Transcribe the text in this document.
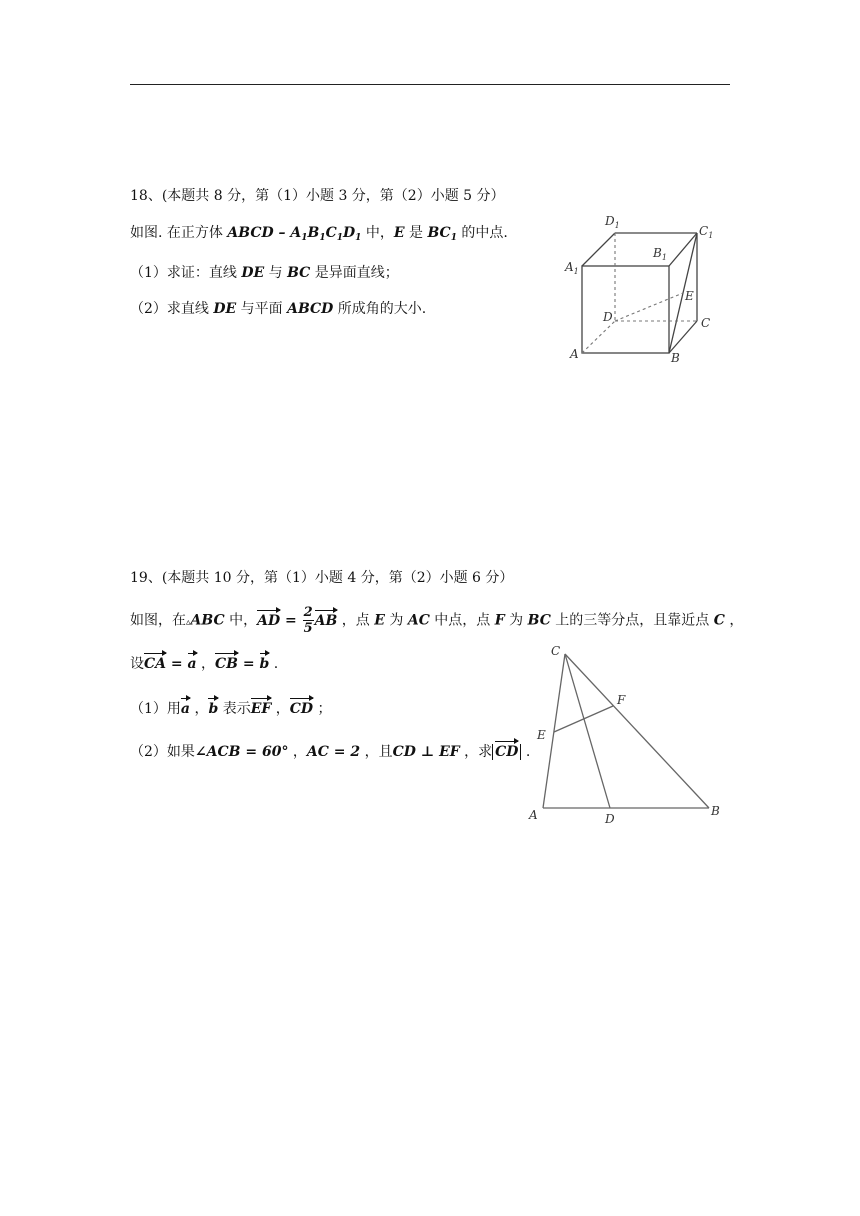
18、(本题共 8 分，第（1）小题 3 分，第（2）小题 5 分）
如图. 在正方体 ABCD – $A_1B_1C_1D_1$ 中，E 是 $BC_1$ 的中点.
（1）求证：直线 DE 与 BC 是异面直线；
（2）求直线 DE 与平面 ABCD 所成角的大小.
$A_1$
$D_1$	$C_1$
$B_1$
E
D	C
A	B
19、(本题共 10 分，第（1）小题 4 分，第（2）小题 6 分）
如图，在▵ABC 中，AD = $\frac{2}{5}$ AB ，点 E 为 AC 中点，点 F 为 BC 上的三等分点，且靠近点 C ，
设CA = a ，CB = b .
（1）用a ，b 表示EF ，CD ；
（2）如果∠ACB = 60° ，AC = 2 ，且CD ⊥ EF ，求 CD .
C
F
E
A	D
B
